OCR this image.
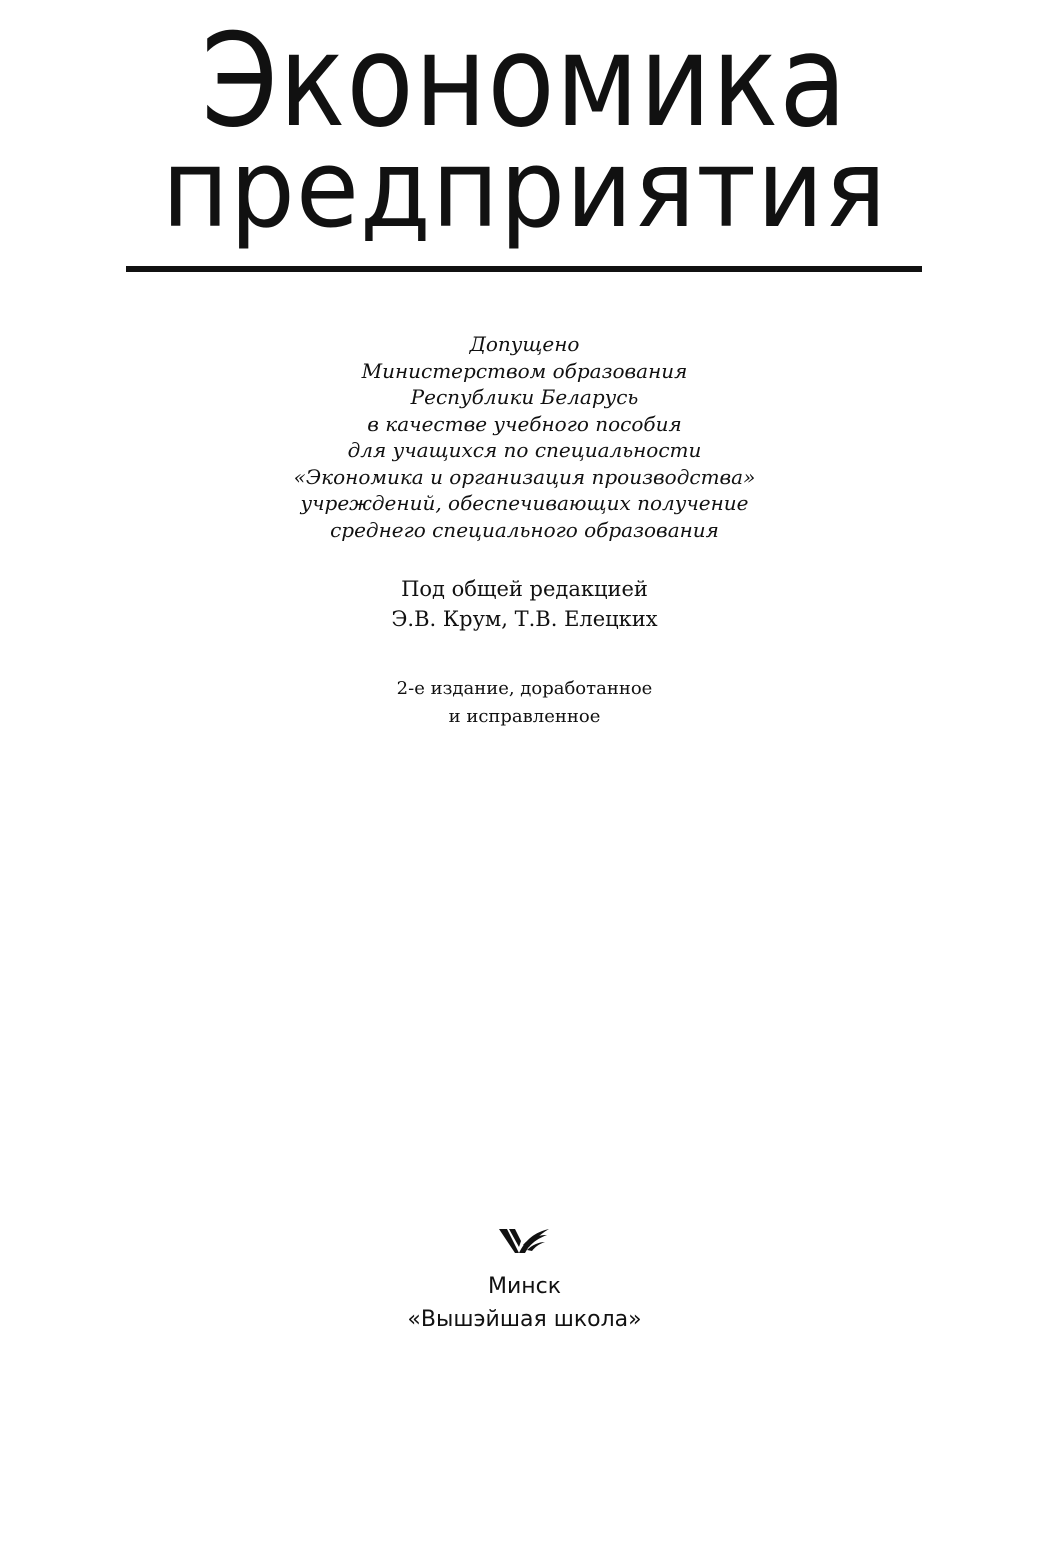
Экономика
предприятия
Допущено
Министерством образования
Республики Беларусь
в качестве учебного пособия
для учащихся по специальности
«Экономика и организация производства»
учреждений, обеспечивающих получение
среднего специального образования
Под общей редакцией
Э.В. Крум, Т.В. Елецких
2-е издание, доработанное
и исправленное
Минск
«Вышэйшая школа»
